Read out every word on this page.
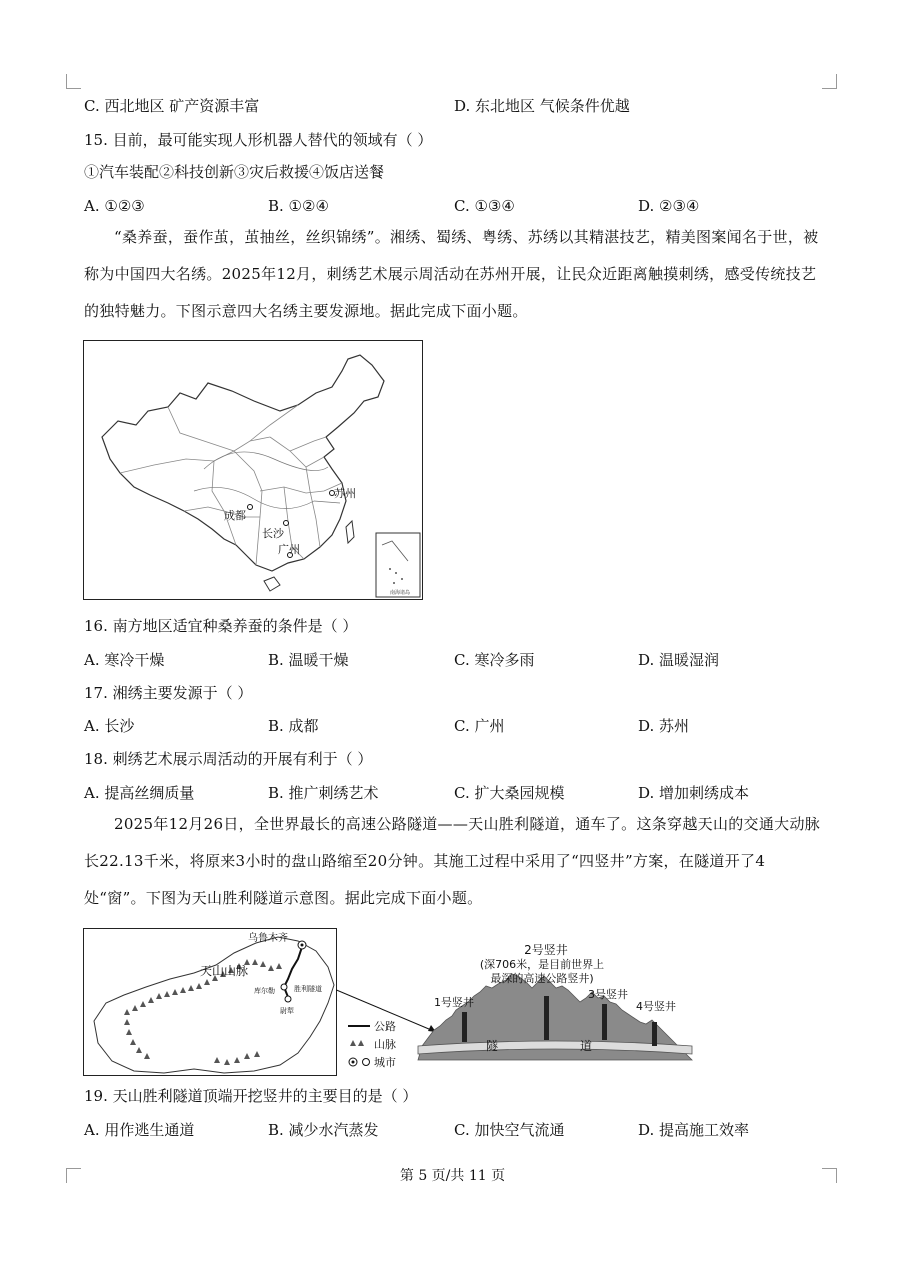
C. 西北地区 矿产资源丰富	D. 东北地区 气候条件优越
15. 目前，最可能实现人形机器人替代的领域有（ ）
①汽车装配②科技创新③灾后救援④饭店送餐
A. ①②③	B. ①②④	C. ①③④	D. ②③④
“桑养蚕，蚕作茧，茧抽丝，丝织锦绣”。湘绣、蜀绣、粤绣、苏绣以其精湛技艺，精美图案闻名于世，被称为中国四大名绣。2025年12月，刺绣艺术展示周活动在苏州开展，让民众近距离触摸刺绣，感受传统技艺的独特魅力。下图示意四大名绣主要发源地。据此完成下面小题。
南海诸岛
成都
长沙
广州
苏州
16. 南方地区适宜种桑养蚕的条件是（ ）
A. 寒冷干燥	B. 温暖干燥	C. 寒冷多雨	D. 温暖湿润
17. 湘绣主要发源于（ ）
A. 长沙	B. 成都	C. 广州	D. 苏州
18. 刺绣艺术展示周活动的开展有利于（ ）
A. 提高丝绸质量	B. 推广刺绣艺术	C. 扩大桑园规模	D. 增加刺绣成本
2025年12月26日，全世界最长的高速公路隧道——天山胜利隧道，通车了。这条穿越天山的交通大动脉长22.13千米，将原来3小时的盘山路缩至20分钟。其施工过程中采用了“四竖井”方案，在隧道开了4处“窗”。下图为天山胜利隧道示意图。据此完成下面小题。
乌鲁木齐
天山山脉
库尔勒	胜利隧道
尉犁
公路
山脉
城市
隧	道
2号竖井
(深706米，是目前世界上
最深的高速公路竖井)
1号竖井
3号竖井
4号竖井
19. 天山胜利隧道顶端开挖竖井的主要目的是（ ）
A. 用作逃生通道	B. 减少水汽蒸发	C. 加快空气流通	D. 提高施工效率
第 5 页/共 11 页
